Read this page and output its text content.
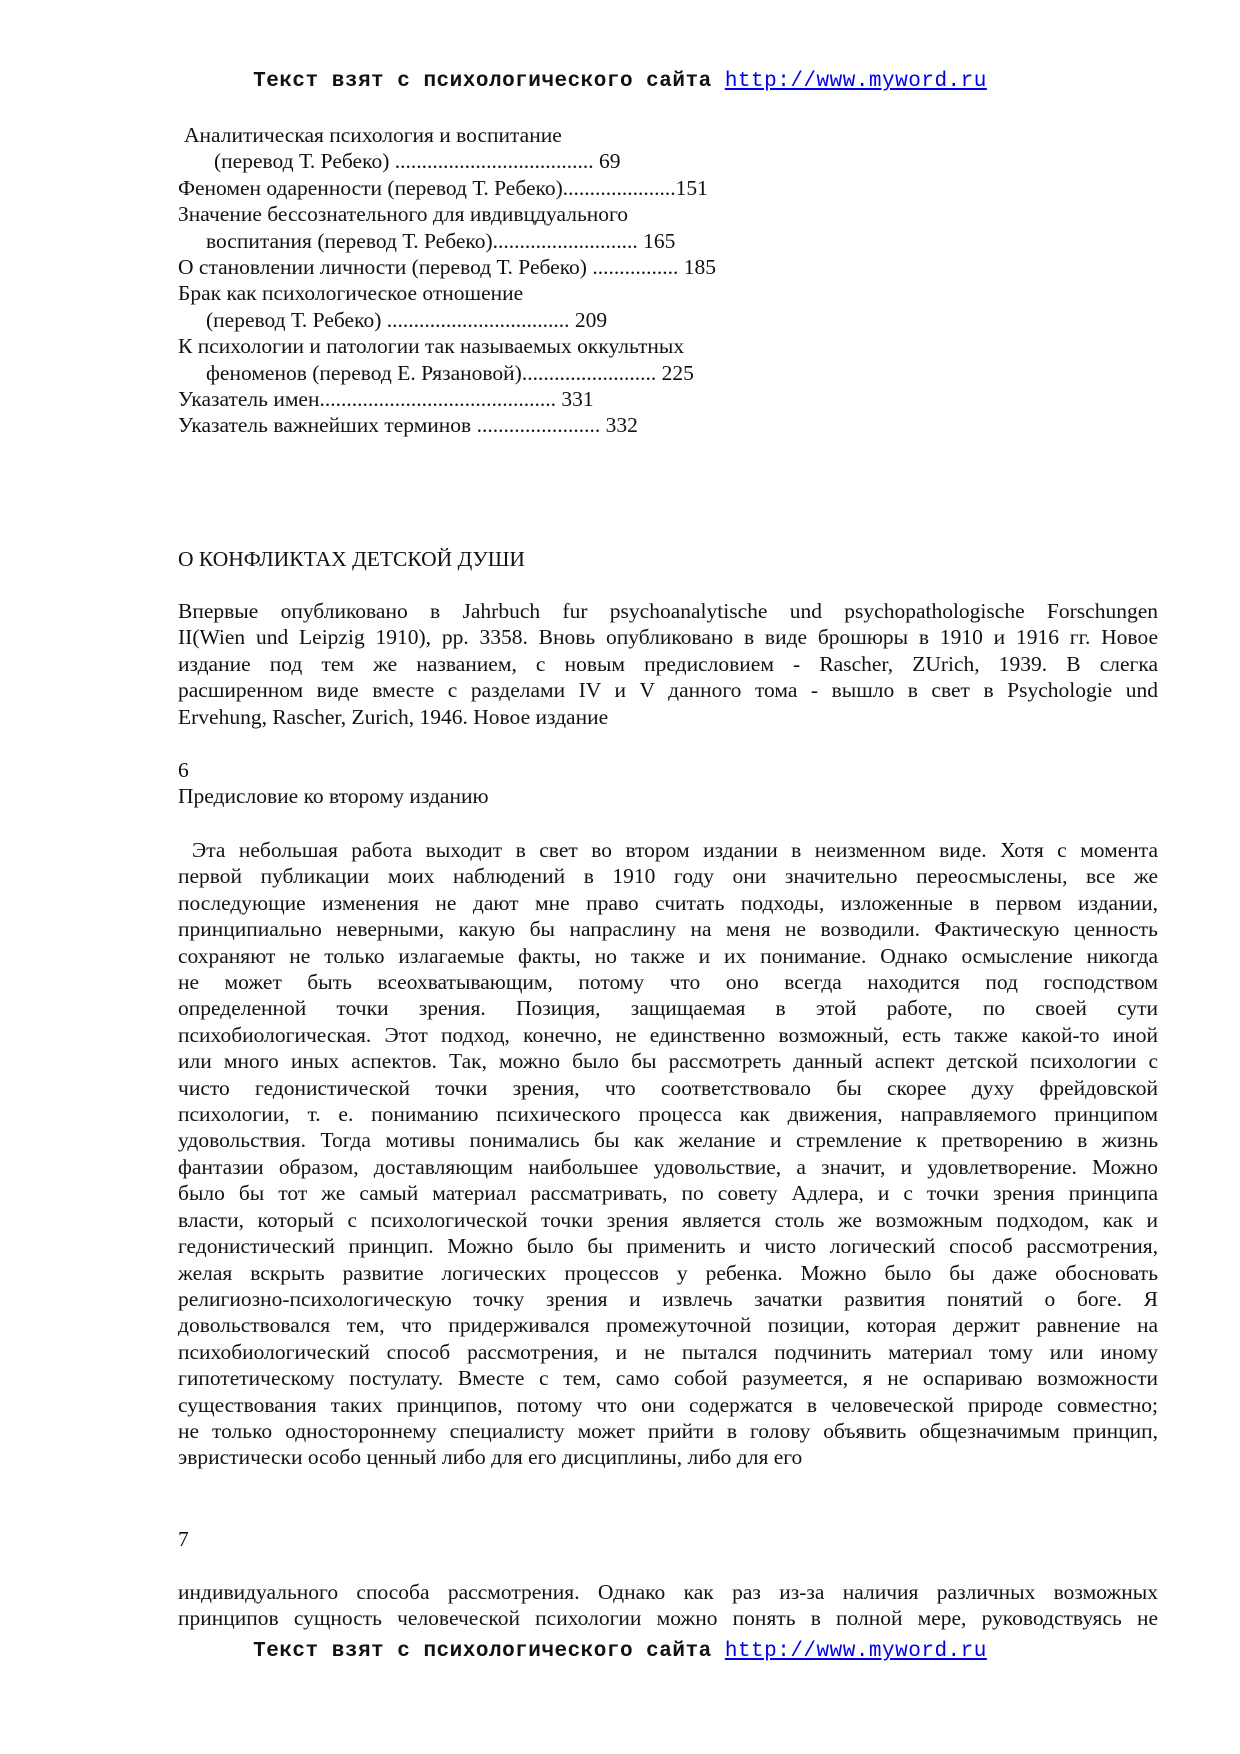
Текст взят с психологического сайта http://www.myword.ru
Аналитическая психология и воспитание
(перевод Т. Ребеко) ..................................... 69
Феномен одаренности (перевод Т. Ребеко).....................151
Значение бессознательного для ивдивцдуального
воспитания (перевод Т. Ребеко)........................... 165
О становлении личности (перевод Т. Ребеко) ................ 185
Брак как психологическое отношение
(перевод Т. Ребеко) .................................. 209
К психологии и патологии так называемых оккультных
феноменов (перевод Е. Рязановой)......................... 225
Указатель имен............................................ 331
Указатель важнейших терминов ....................... 332
О КОНФЛИКТАХ ДЕТСКОЙ ДУШИ
Впервые опубликовано в Jahrbuch fur psychoanalytische und psychopathologische Forschungen
II(Wien und Leipzig 1910), pp. 3358. Вновь опубликовано в виде брошюры в 1910 и 1916 гг. Новое
издание под тем же названием, с новым предисловием - Rascher, ZUrich, 1939. В слегка
расширенном виде вместе с разделами IV и V данного тома - вышло в свет в Psychologie und
Ervehung, Rascher, Zurich, 1946. Новое издание
6
Предисловие ко второму изданию
Эта небольшая работа выходит в свет во втором издании в неизменном виде. Хотя с момента
первой публикации моих наблюдений в 1910 году они значительно переосмыслены, все же
последующие изменения не дают мне право считать подходы, изложенные в первом издании,
принципиально неверными, какую бы напраслину на меня не возводили. Фактическую ценность
сохраняют не только излагаемые факты, но также и их понимание. Однако осмысление никогда
не может быть всеохватывающим, потому что оно всегда находится под господством
определенной точки зрения. Позиция, защищаемая в этой работе, по своей сути
психобиологическая. Этот подход, конечно, не единственно возможный, есть также какой-то иной
или много иных аспектов. Так, можно было бы рассмотреть данный аспект детской психологии с
чисто гедонистической точки зрения, что соответствовало бы скорее духу фрейдовской
психологии, т. е. пониманию психического процесса как движения, направляемого принципом
удовольствия. Тогда мотивы понимались бы как желание и стремление к претворению в жизнь
фантазии образом, доставляющим наибольшее удовольствие, а значит, и удовлетворение. Можно
было бы тот же самый материал рассматривать, по совету Адлера, и с точки зрения принципа
власти, который с психологической точки зрения является столь же возможным подходом, как и
гедонистический принцип. Можно было бы применить и чисто логический способ рассмотрения,
желая вскрыть развитие логических процессов у ребенка. Можно было бы даже обосновать
религиозно-психологическую точку зрения и извлечь зачатки развития понятий о боге. Я
довольствовался тем, что придерживался промежуточной позиции, которая держит равнение на
психобиологический способ рассмотрения, и не пытался подчинить материал тому или иному
гипотетическому постулату. Вместе с тем, само собой разумеется, я не оспариваю возможности
существования таких принципов, потому что они содержатся в человеческой природе совместно;
не только одностороннему специалисту может прийти в голову объявить общезначимым принцип,
эвристически особо ценный либо для его дисциплины, либо для его
7
индивидуального способа рассмотрения. Однако как раз из-за наличия различных возможных
принципов сущность человеческой психологии можно понять в полной мере, руководствуясь не
Текст взят с психологического сайта http://www.myword.ru
